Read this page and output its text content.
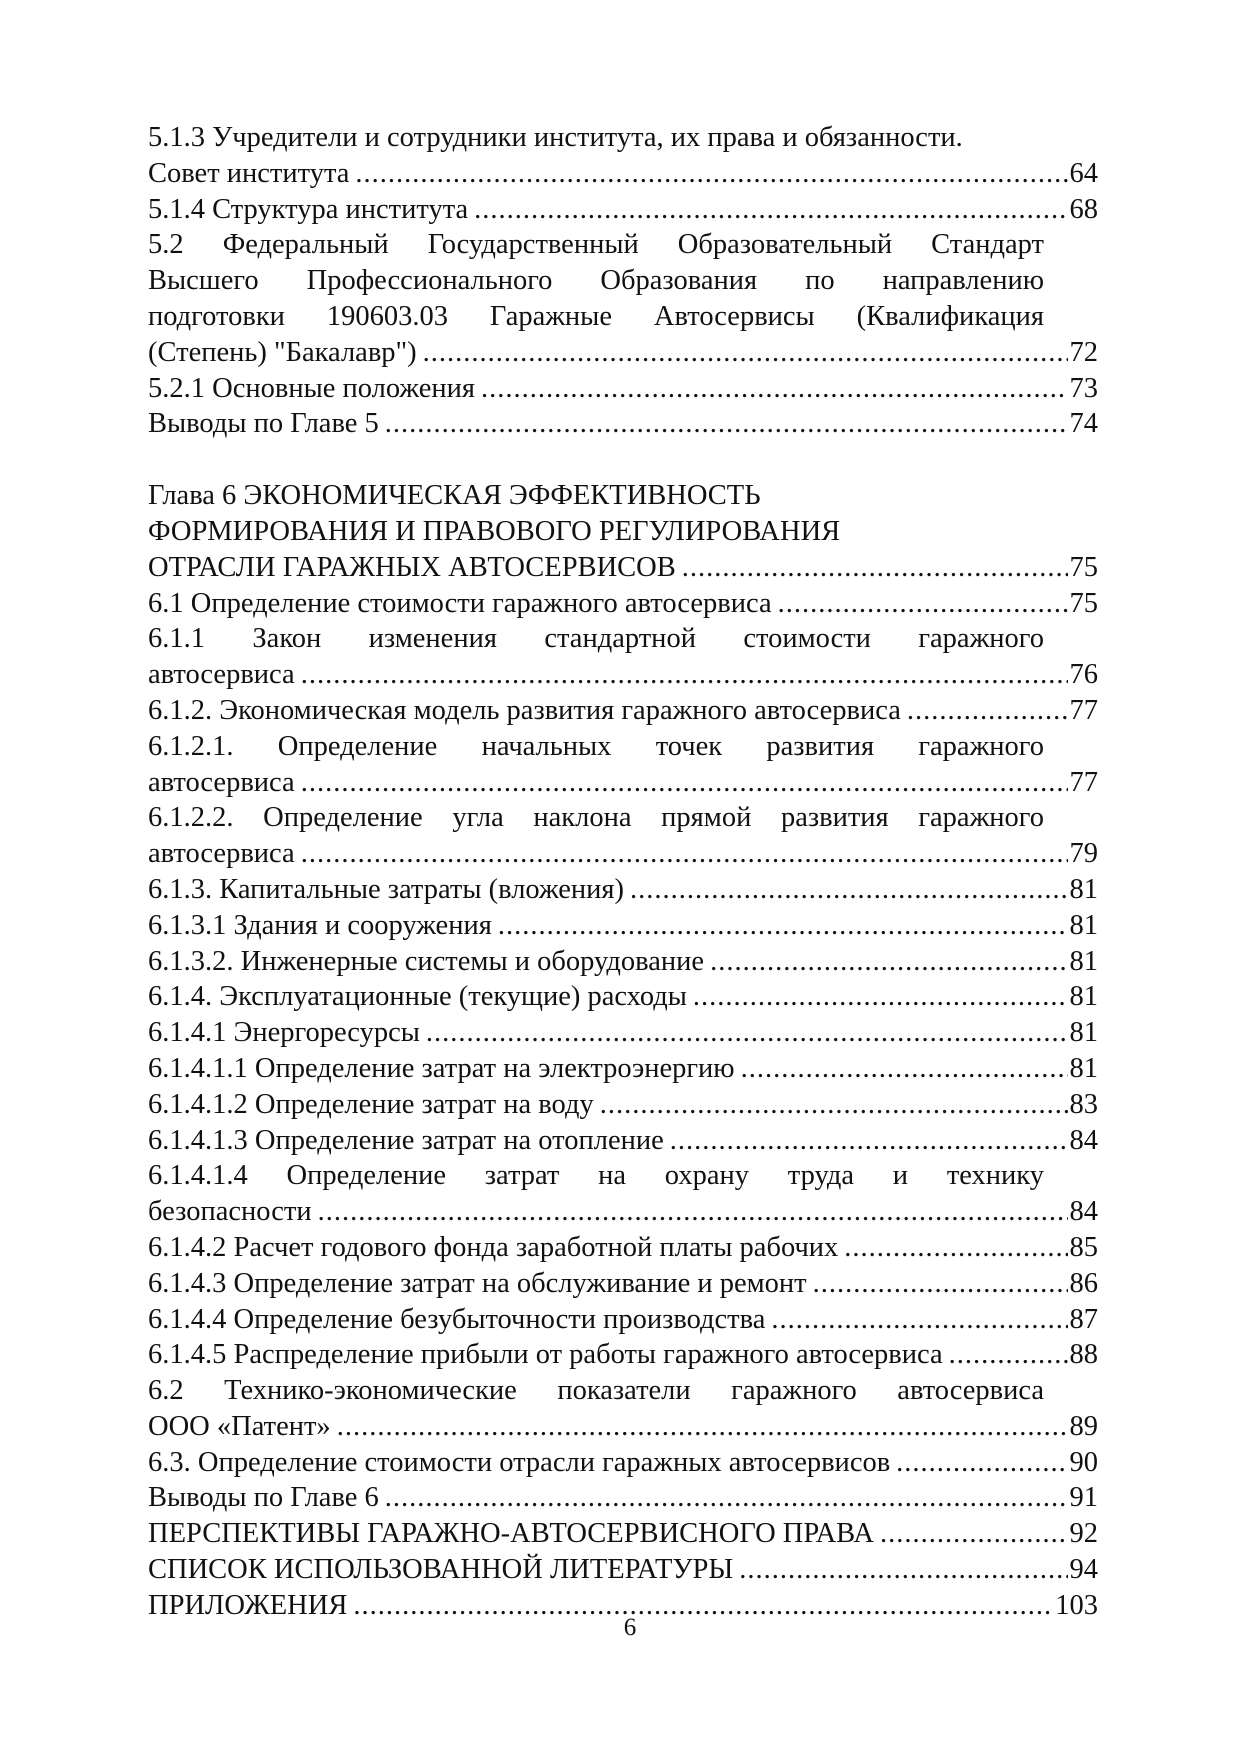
5.1.3 Учредители и сотрудники института, их права и обязанности.
Совет института .....	64
5.1.4 Структура института .....	68
5.2 Федеральный Государственный Образовательный Стандарт
Высшего Профессионального Образования по направлению
подготовки 190603.03 Гаражные Автосервисы (Квалификация
(Степень) "Бакалавр") .....	72
5.2.1 Основные положения .....	73
Выводы по Главе 5 .....	74
Глава 6 ЭКОНОМИЧЕСКАЯ ЭФФЕКТИВНОСТЬ
ФОРМИРОВАНИЯ И ПРАВОВОГО РЕГУЛИРОВАНИЯ
ОТРАСЛИ ГАРАЖНЫХ АВТОСЕРВИСОВ .....	75
6.1 Определение стоимости гаражного автосервиса .....	75
6.1.1 Закон изменения стандартной стоимости гаражного
автосервиса .....	76
6.1.2. Экономическая модель развития гаражного автосервиса .....	77
6.1.2.1. Определение начальных точек развития гаражного
автосервиса .....	77
6.1.2.2. Определение угла наклона прямой развития гаражного
автосервиса .....	79
6.1.3. Капитальные затраты (вложения) .....	81
6.1.3.1 Здания и сооружения .....	81
6.1.3.2. Инженерные системы и оборудование .....	81
6.1.4. Эксплуатационные (текущие) расходы .....	81
6.1.4.1 Энергоресурсы .....	81
6.1.4.1.1 Определение затрат на электроэнергию .....	81
6.1.4.1.2 Определение затрат на воду .....	83
6.1.4.1.3 Определение затрат на отопление .....	84
6.1.4.1.4 Определение затрат на охрану труда и технику
безопасности .....	84
6.1.4.2 Расчет годового фонда заработной платы рабочих .....	85
6.1.4.3 Определение затрат на обслуживание и ремонт .....	86
6.1.4.4 Определение безубыточности производства .....	87
6.1.4.5 Распределение прибыли от работы гаражного автосервиса .....	88
6.2 Технико-экономические показатели гаражного автосервиса
ООО «Патент» .....	89
6.3. Определение стоимости отрасли гаражных автосервисов .....	90
Выводы по Главе 6 .....	91
ПЕРСПЕКТИВЫ ГАРАЖНО-АВТОСЕРВИСНОГО ПРАВА .....	92
СПИСОК ИСПОЛЬЗОВАННОЙ ЛИТЕРАТУРЫ .....	94
ПРИЛОЖЕНИЯ .....	103
6
